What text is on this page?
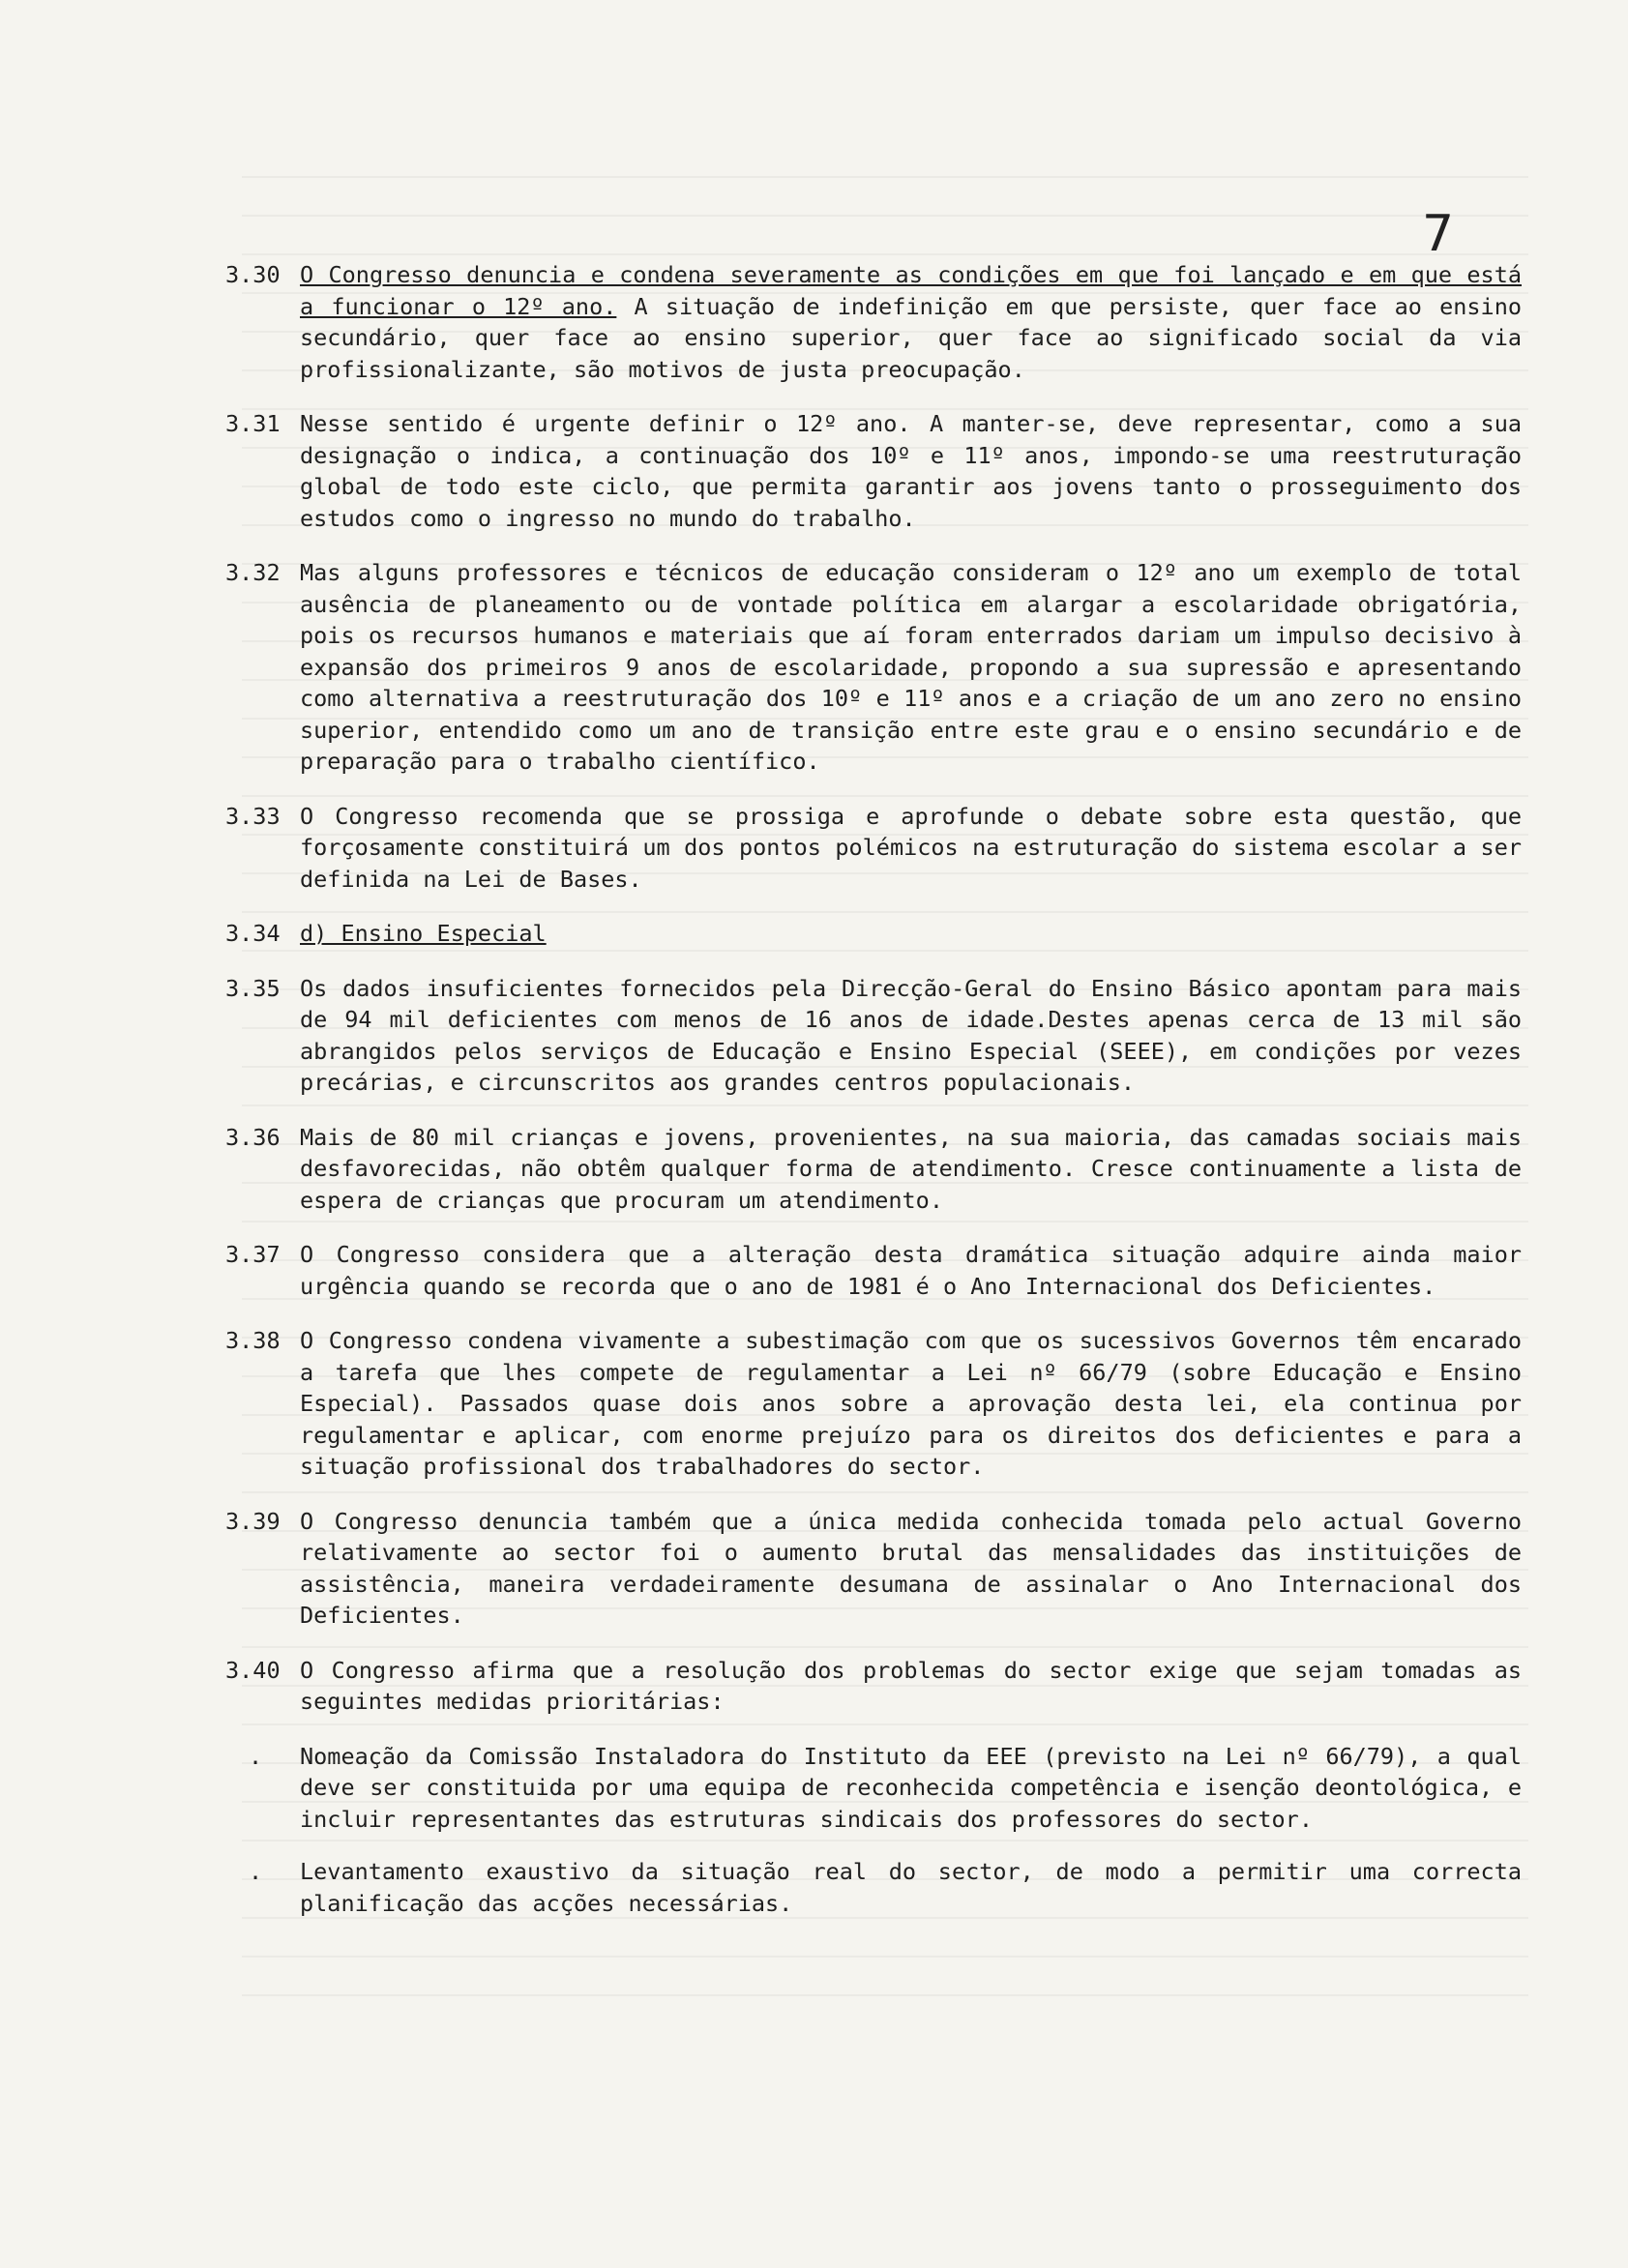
7
3.30 O Congresso denuncia e condena severamente as condições em que foi lançado e em que está a funcionar o 12º ano. A situação de indefinição em que persiste, quer face ao ensino secundário, quer face ao ensino superior, quer face ao significado social da via profissionalizante, são motivos de justa preocupação.
3.31 Nesse sentido é urgente definir o 12º ano. A manter-se, deve representar, como a sua designação o indica, a continuação dos 10º e 11º anos, impondo-se uma reestruturação global de todo este ciclo, que permita garantir aos jovens tanto o prosseguimento dos estudos como o ingresso no mundo do trabalho.
3.32 Mas alguns professores e técnicos de educação consideram o 12º ano um exemplo de total ausência de planeamento ou de vontade política em alargar a escolaridade obrigatória, pois os recursos humanos e materiais que aí foram enterrados dariam um impulso decisivo à expansão dos primeiros 9 anos de escolaridade, propondo a sua supressão e apresentando como alternativa a reestruturação dos 10º e 11º anos e a criação de um ano zero no ensino superior, entendido como um ano de transição entre este grau e o ensino secundário e de preparação para o trabalho científico.
3.33 O Congresso recomenda que se prossiga e aprofunde o debate sobre esta questão, que forçosamente constituirá um dos pontos polémicos na estruturação do sistema escolar a ser definida na Lei de Bases.
3.34 d) Ensino Especial
3.35 Os dados insuficientes fornecidos pela Direcção-Geral do Ensino Básico apontam para mais de 94 mil deficientes com menos de 16 anos de idade.Destes apenas cerca de 13 mil são abrangidos pelos serviços de Educação e Ensino Especial (SEEE), em condições por vezes precárias, e circunscritos aos grandes centros populacionais.
3.36 Mais de 80 mil crianças e jovens, provenientes, na sua maioria, das camadas sociais mais desfavorecidas, não obtêm qualquer forma de atendimento. Cresce continuamente a lista de espera de crianças que procuram um atendimento.
3.37 O Congresso considera que a alteração desta dramática situação adquire ainda maior urgência quando se recorda que o ano de 1981 é o Ano Internacional dos Deficientes.
3.38 O Congresso condena vivamente a subestimação com que os sucessivos Governos têm encarado a tarefa que lhes compete de regulamentar a Lei nº 66/79 (sobre Educação e Ensino Especial). Passados quase dois anos sobre a aprovação desta lei, ela continua por regulamentar e aplicar, com enorme prejuízo para os direitos dos deficientes e para a situação profissional dos trabalhadores do sector.
3.39 O Congresso denuncia também que a única medida conhecida tomada pelo actual Governo relativamente ao sector foi o aumento brutal das mensalidades das instituições de assistência, maneira verdadeiramente desumana de assinalar o Ano Internacional dos Deficientes.
3.40 O Congresso afirma que a resolução dos problemas do sector exige que sejam tomadas as seguintes medidas prioritárias:
.	Nomeação da Comissão Instaladora do Instituto da EEE (previsto na Lei nº 66/79), a qual deve ser constituida por uma equipa de reconhecida competência e isenção deontológica, e incluir representantes das estruturas sindicais dos professores do sector.
.	Levantamento exaustivo da situação real do sector, de modo a permitir uma correcta planificação das acções necessárias.
